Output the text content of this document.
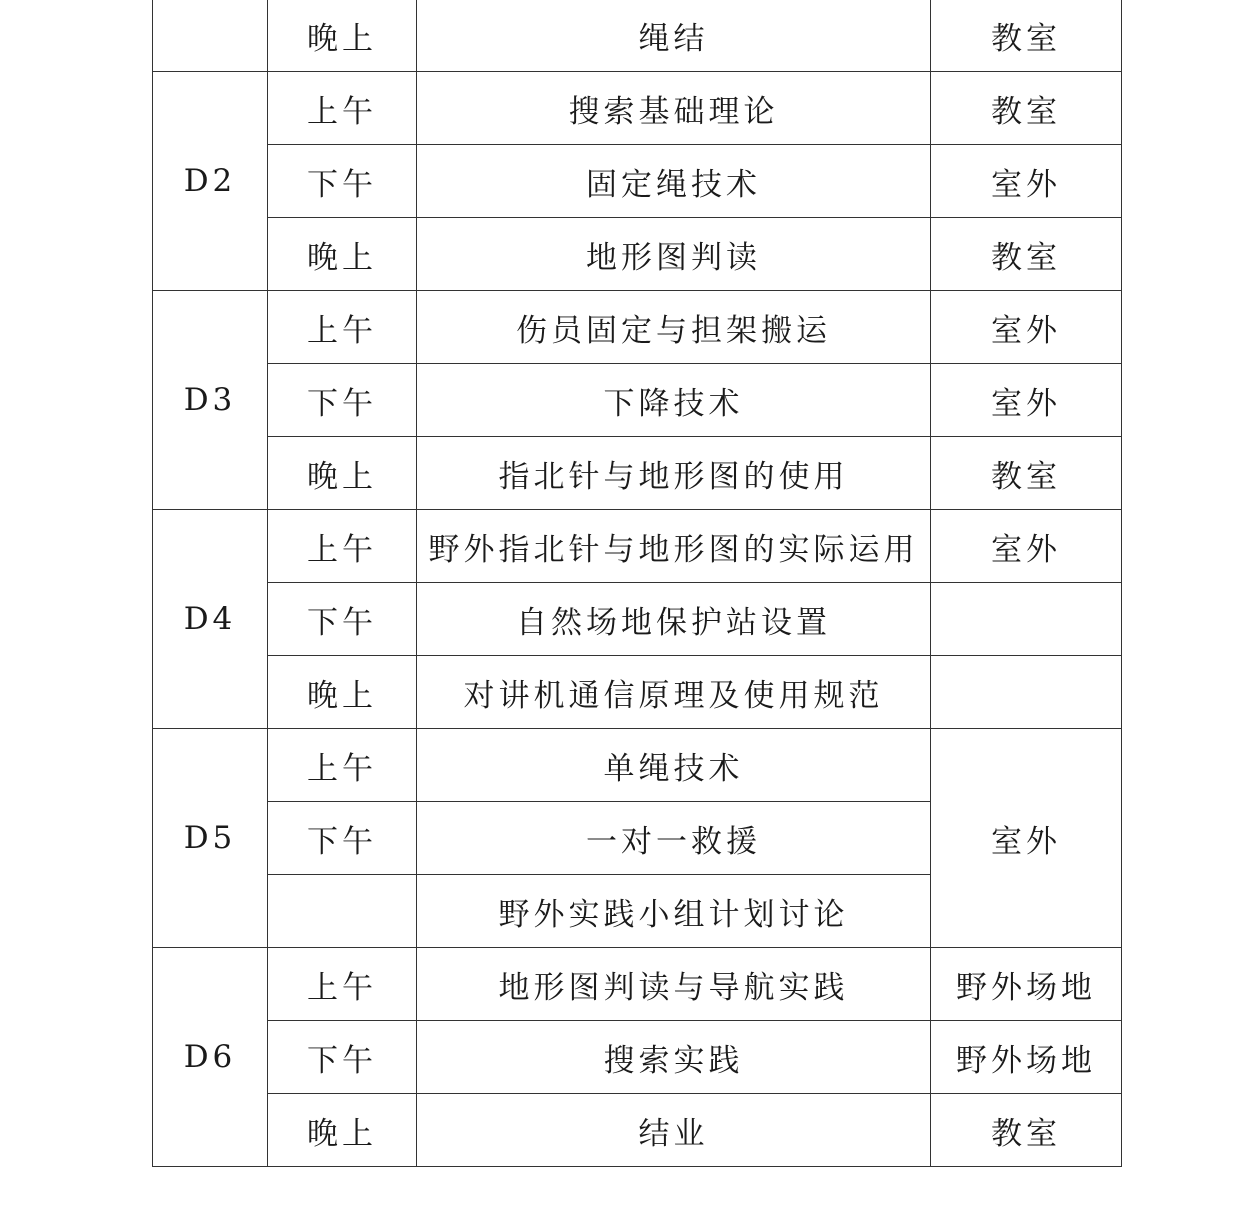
	晚上	绳结	教室
D2	上午	搜索基础理论	教室
	下午	固定绳技术	室外
	晚上	地形图判读	教室
D3	上午	伤员固定与担架搬运	室外
	下午	下降技术	室外
	晚上	指北针与地形图的使用	教室
D4	上午	野外指北针与地形图的实际运用	室外
	下午	自然场地保护站设置	
	晚上	对讲机通信原理及使用规范	
D5	上午	单绳技术	室外
	下午	一对一救援	
		野外实践小组计划讨论	
D6	上午	地形图判读与导航实践	野外场地
	下午	搜索实践	野外场地
	晚上	结业	教室
